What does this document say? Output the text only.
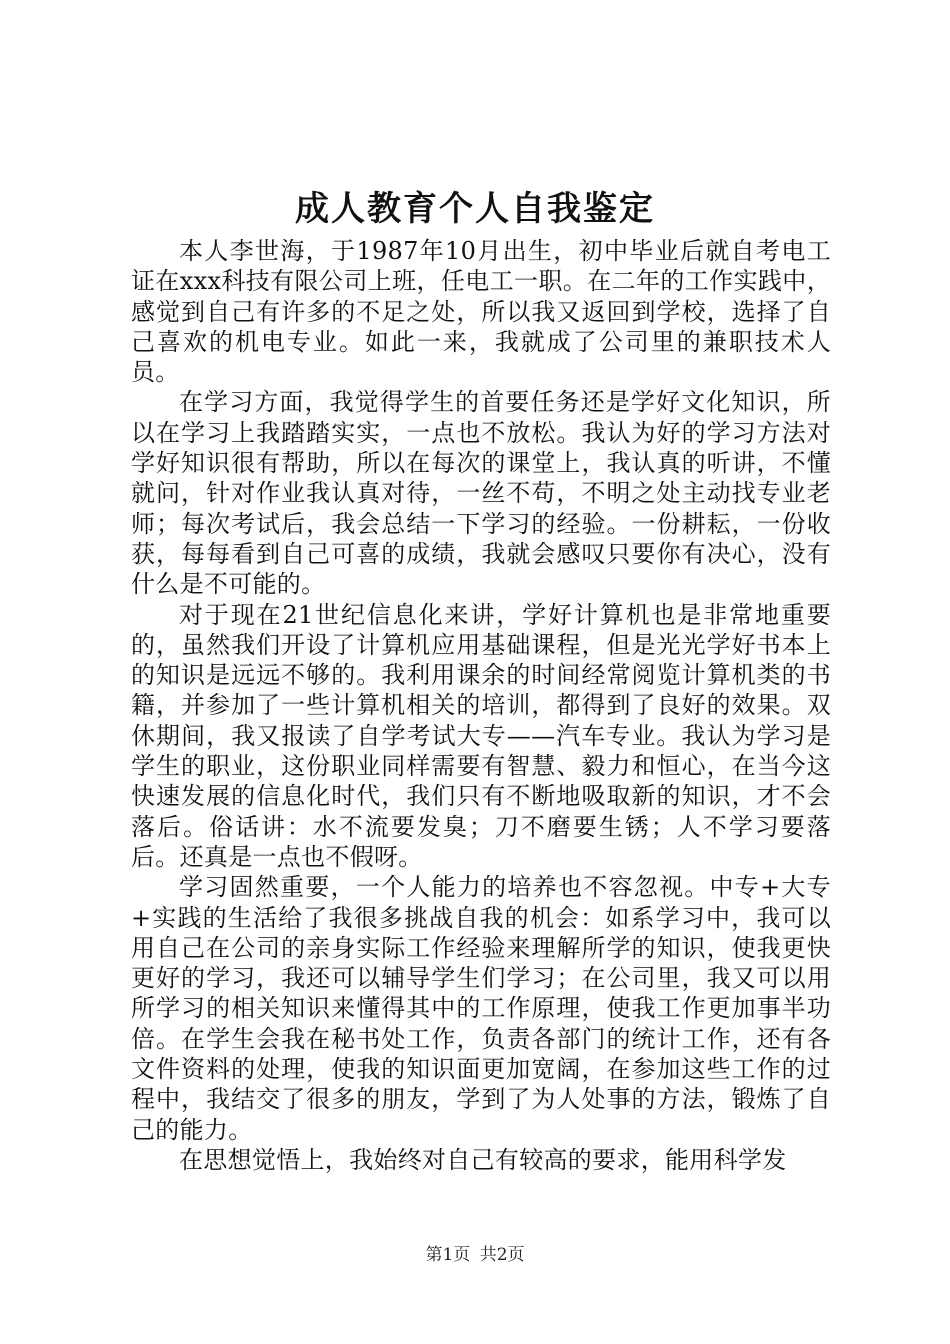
成人教育个人自我鉴定

本人李世海，于1987年10月出生，初中毕业后就自考电工证在xxx科技有限公司上班，任电工一职。在二年的工作实践中，感觉到自己有许多的不足之处，所以我又返回到学校，选择了自己喜欢的机电专业。如此一来，我就成了公司里的兼职技术人员。

在学习方面，我觉得学生的首要任务还是学好文化知识，所以在学习上我踏踏实实，一点也不放松。我认为好的学习方法对学好知识很有帮助，所以在每次的课堂上，我认真的听讲，不懂就问，针对作业我认真对待，一丝不苟，不明之处主动找专业老师；每次考试后，我会总结一下学习的经验。一份耕耘，一份收获，每每看到自己可喜的成绩，我就会感叹只要你有决心，没有什么是不可能的。

对于现在21世纪信息化来讲，学好计算机也是非常地重要的，虽然我们开设了计算机应用基础课程，但是光光学好书本上的知识是远远不够的。我利用课余的时间经常阅览计算机类的书籍，并参加了一些计算机相关的培训，都得到了良好的效果。双休期间，我又报读了自学考试大专——汽车专业。我认为学习是学生的职业，这份职业同样需要有智慧、毅力和恒心，在当今这快速发展的信息化时代，我们只有不断地吸取新的知识，才不会落后。俗话讲：水不流要发臭；刀不磨要生锈；人不学习要落后。还真是一点也不假呀。

学习固然重要，一个人能力的培养也不容忽视。中专+大专+实践的生活给了我很多挑战自我的机会：如系学习中，我可以用自己在公司的亲身实际工作经验来理解所学的知识，使我更快更好的学习，我还可以辅导学生们学习；在公司里，我又可以用所学习的相关知识来懂得其中的工作原理，使我工作更加事半功倍。在学生会我在秘书处工作，负责各部门的统计工作，还有各文件资料的处理，使我的知识面更加宽阔，在参加这些工作的过程中，我结交了很多的朋友，学到了为人处事的方法，锻炼了自己的能力。

在思想觉悟上，我始终对自己有较高的要求，能用科学发

第1页 共2页
